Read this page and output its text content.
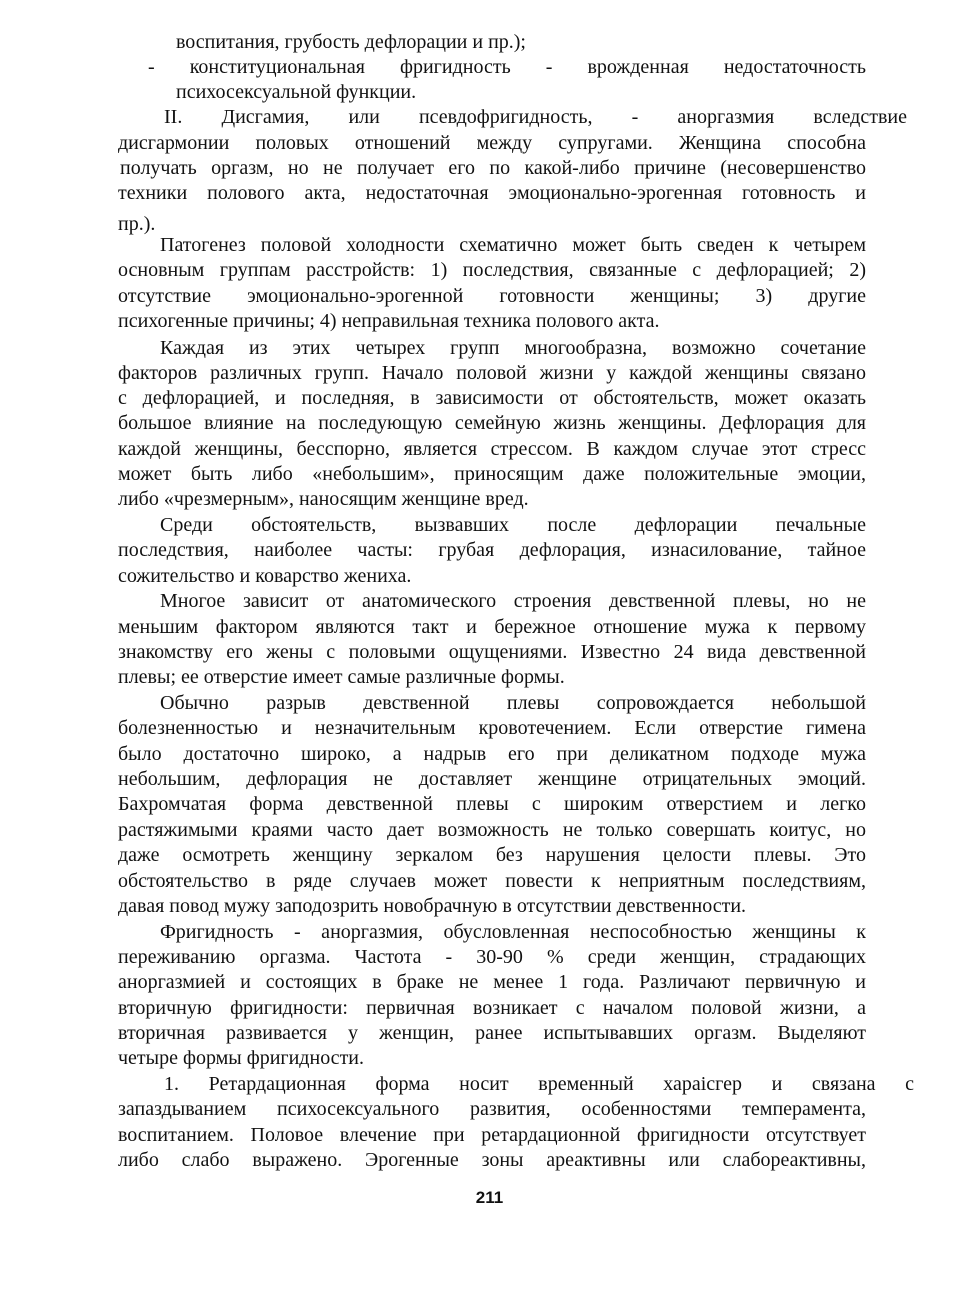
воспитания, грубость дефлорации и пр.);
- конституциональная фригидность - врожденная недостаточность
психосексуальной функции.
II. Дисгамия, или псевдофригидность, - аноргазмия вследствие
дисгармонии половых отношений между супругами. Женщина способна
получать оргазм, но не получает его по какой-либо причине (несовершенство
техники полового акта, недостаточная эмоционально-эрогенная готовность и
пр.).
Патогенез половой холодности схематично может быть сведен к четырем
основным группам расстройств: 1) последствия, связанные с дефлорацией; 2)
отсутствие эмоционально-эрогенной готовности женщины; 3) другие
психогенные причины; 4) неправильная техника полового акта.
Каждая из этих четырех групп многообразна, возможно сочетание
факторов различных групп. Начало половой жизни у каждой женщины связано
с дефлорацией, и последняя, в зависимости от обстоятельств, может оказать
большое влияние на последующую семейную жизнь женщины. Дефлорация для
каждой женщины, бесспорно, является стрессом. В каждом случае этот стресс
может быть либо «небольшим», приносящим даже положительные эмоции,
либо «чрезмерным», наносящим женщине вред.
Среди обстоятельств, вызвавших после дефлорации печальные
последствия, наиболее часты: грубая дефлорация, изнасилование, тайное
сожительство и коварство жениха.
Многое зависит от анатомического строения девственной плевы, но не
меньшим фактором являются такт и бережное отношение мужа к первому
знакомству его жены с половыми ощущениями. Известно 24 вида девственной
плевы; ее отверстие имеет самые различные формы.
Обычно разрыв девственной плевы сопровождается небольшой
болезненностью и незначительным кровотечением. Если отверстие гимена
было достаточно широко, а надрыв его при деликатном подходе мужа
небольшим, дефлорация не доставляет женщине отрицательных эмоций.
Бахромчатая форма девственной плевы с широким отверстием и легко
растяжимыми краями часто дает возможность не только совершать коитус, но
даже осмотреть женщину зеркалом без нарушения целости плевы. Это
обстоятельство в ряде случаев может повести к неприятным последствиям,
давая повод мужу заподозрить новобрачную в отсутствии девственности.
Фригидность - аноргазмия, обусловленная неспособностью женщины к
переживанию оргазма. Частота - 30-90 % среди женщин, страдающих
аноргазмией и состоящих в браке не менее 1 года. Различают первичную и
вторичную фригидности: первичная возникает с началом половой жизни, а
вторичная развивается у женщин, ранее испытывавших оргазм. Выделяют
четыре формы фригидности.
1. Ретардационная форма носит временный хараісгер и связана с
запаздыванием психосексуального развития, особенностями темперамента,
воспитанием. Половое влечение при ретардационной фригидности отсутствует
либо слабо выражено. Эрогенные зоны ареактивны или слабореактивны,
211
